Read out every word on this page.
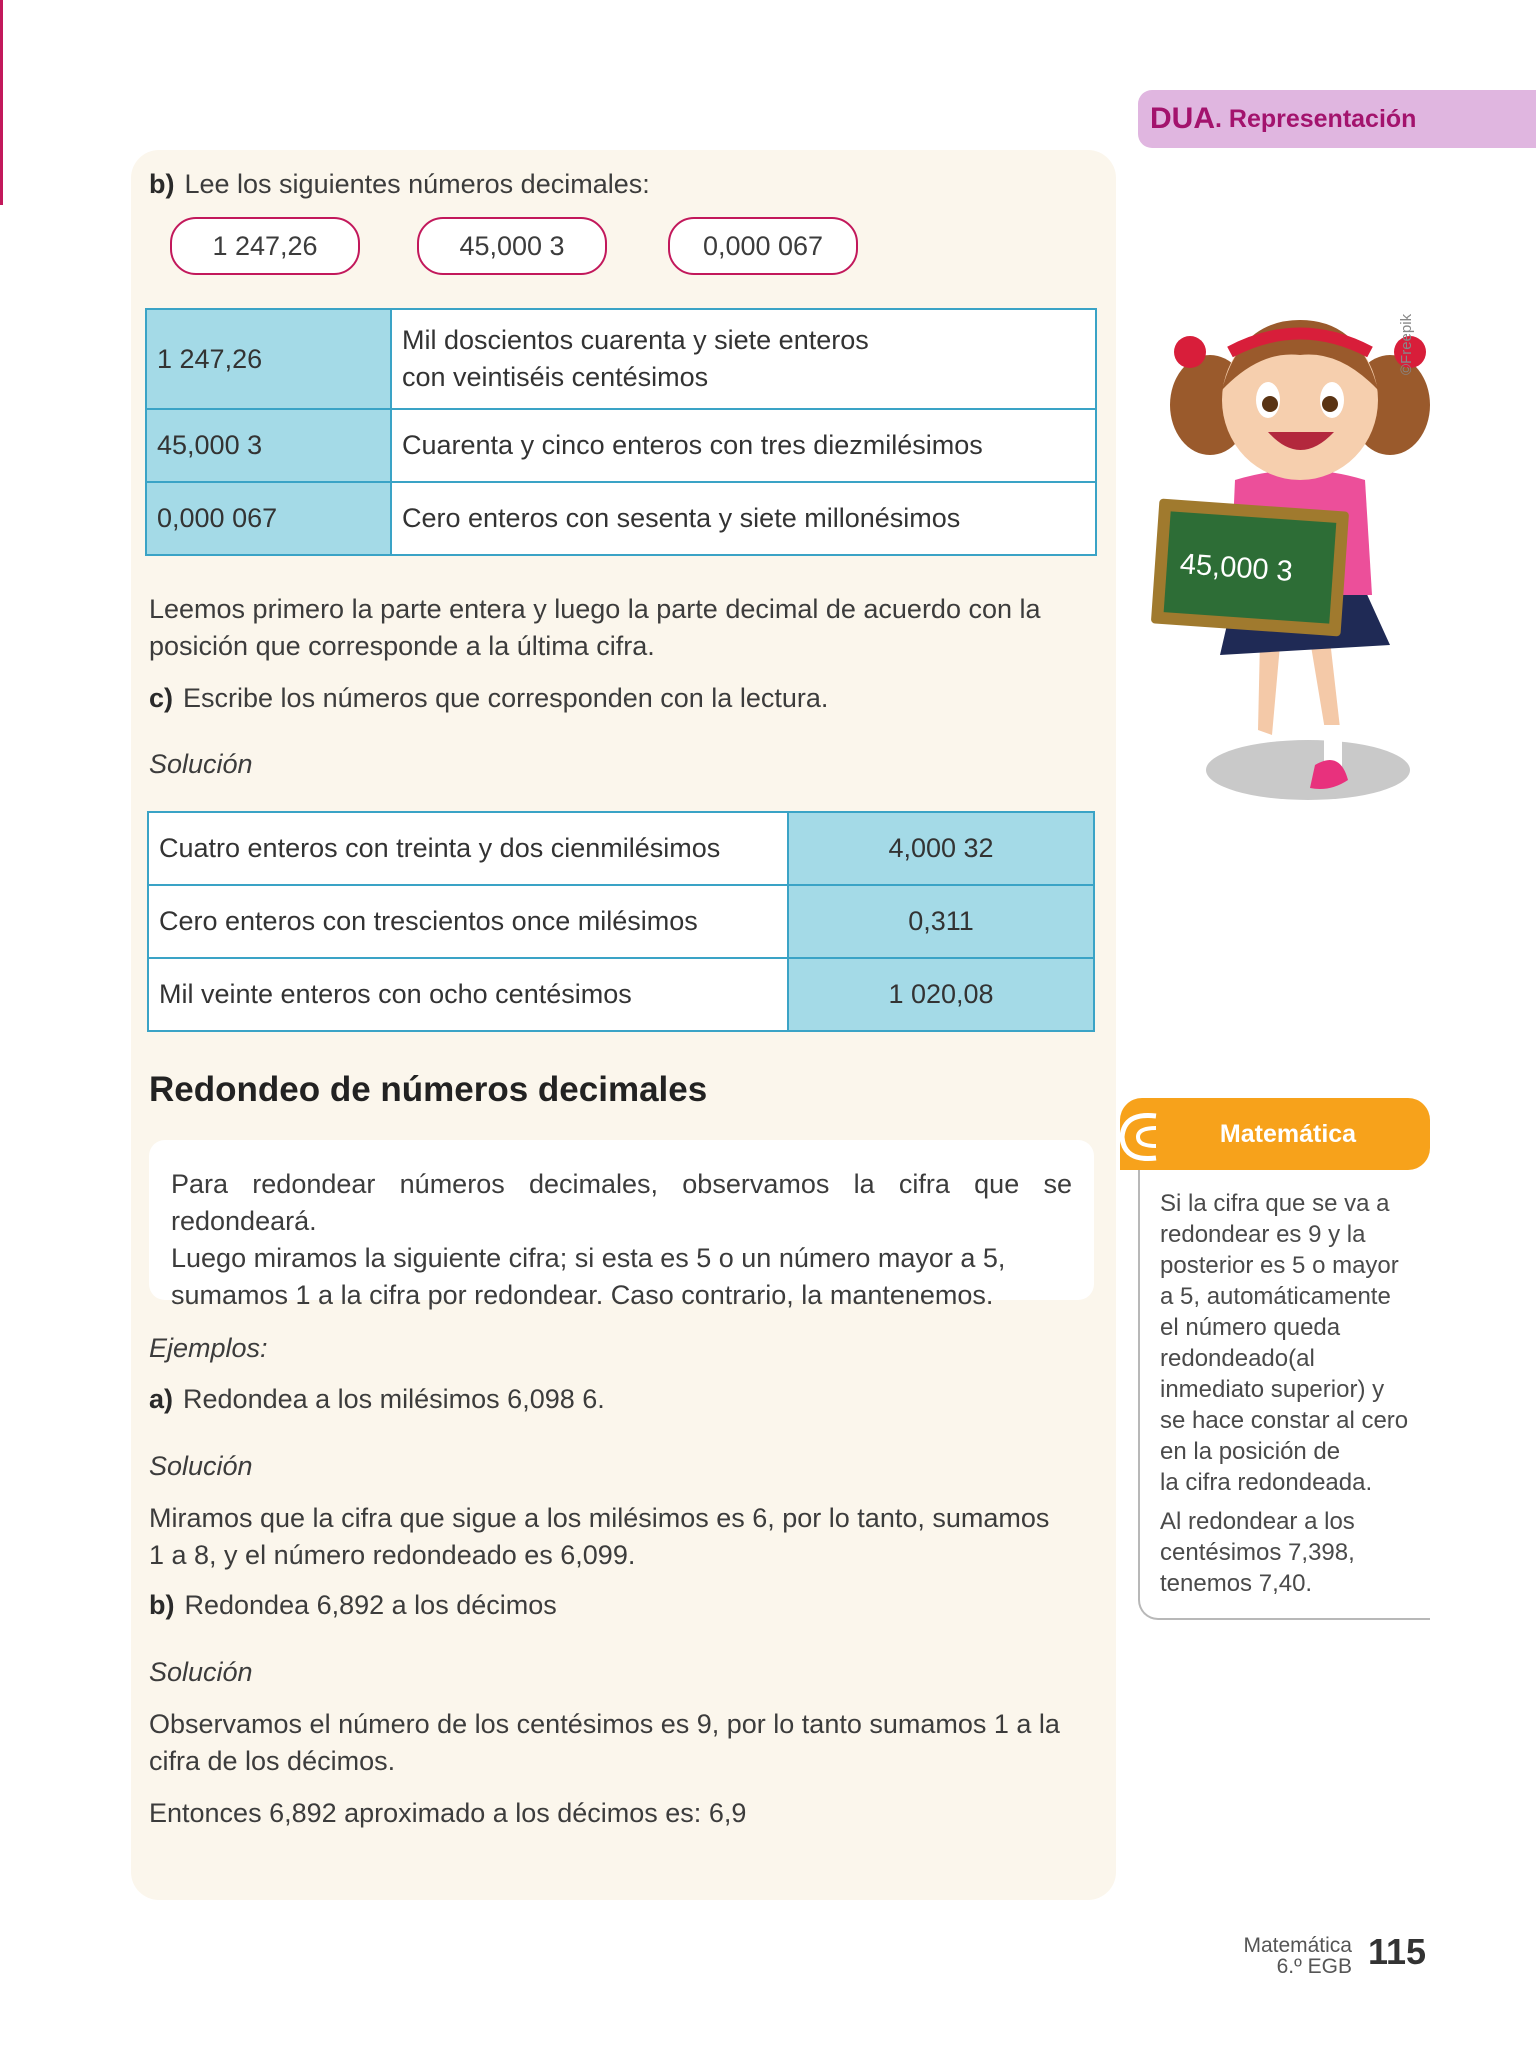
DUA . Representación
b) Lee los siguientes números decimales:
1 247,26	45,000 3	0,000 067
1 247,26	Mil doscientos cuarenta y siete enteros
con veintiséis centésimos

45,000 3	Cuarenta y cinco enteros con tres diezmilésimos
0,000 067	Cero enteros con sesenta y siete millonésimos
Leemos primero la parte entera y luego la parte decimal de acuerdo con la
posición que corresponde a la última cifra.
c) Escribe los números que corresponden con la lectura.
Solución
Cuatro enteros con treinta y dos cienmilésimos	4,000 32
Cero enteros con trescientos once milésimos	0,311
Mil veinte enteros con ocho centésimos	1 020,08
Redondeo de números decimales
Para redondear números decimales, observamos la cifra que se redondeará.
Luego miramos la siguiente cifra; si esta es 5 o un número mayor a 5,
sumamos 1 a la cifra por redondear. Caso contrario, la mantenemos.
Ejemplos:
a) Redondea a los milésimos 6,098 6.
Solución
Miramos que la cifra que sigue a los milésimos es 6, por lo tanto, sumamos
1 a 8, y el número redondeado es 6,099.
b) Redondea 6,892 a los décimos
Solución
Observamos el número de los centésimos es 9, por lo tanto sumamos 1 a la
cifra de los décimos.
Entonces 6,892 aproximado a los décimos es: 6,9
45,000 3
©Freepik
Matemática

Si la cifra que se va a
redondear es 9 y la
posterior es 5 o mayor
a 5, automáticamente
el número queda
redondeado(al
inmediato superior) y
se hace constar al cero
en la posición de
la cifra redondeada.

Al redondear a los
centésimos 7,398,
tenemos 7,40.

Matemática
6.º EGB 115
